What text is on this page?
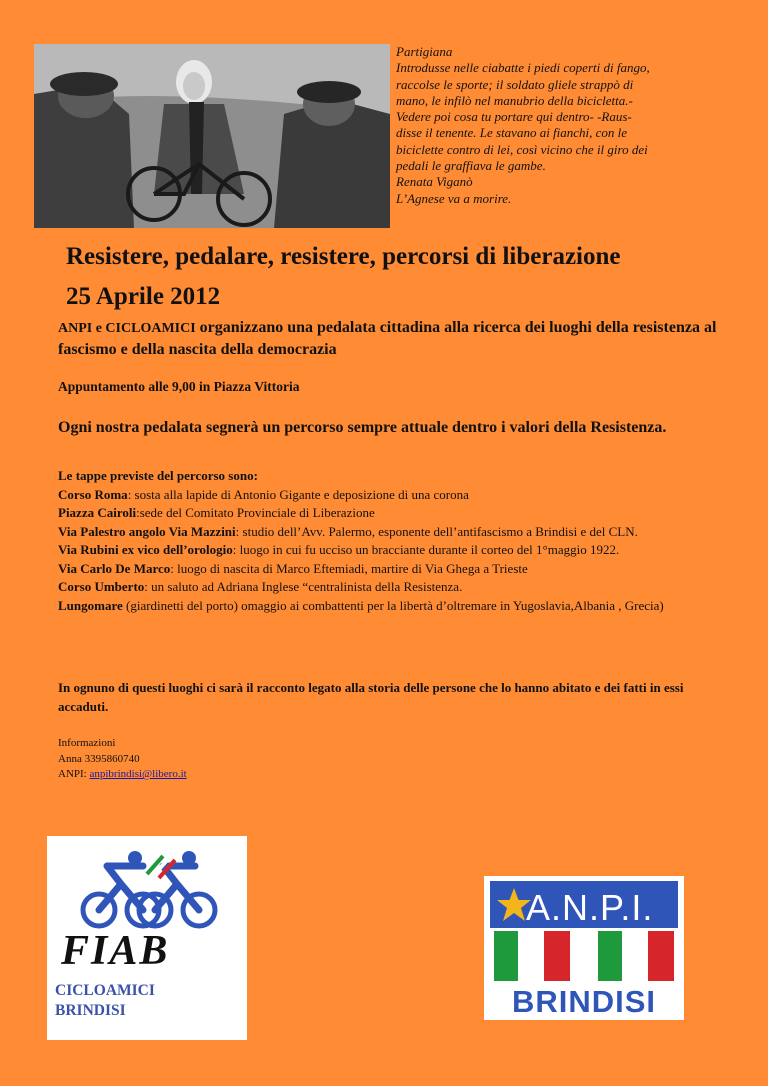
Partigiana
Introdusse nelle ciabatte i piedi coperti di fango,
raccolse le sporte; il soldato gliele strappò di
mano, le infilò nel manubrio della bicicletta.-
Vedere poi cosa tu portare qui dentro- -Raus-
disse il tenente. Le stavano ai fianchi, con le
biciclette contro di lei, così vicino che il giro dei
pedali le graffiava le gambe.
Renata Viganò
L’Agnese va a morire.
Resistere, pedalare, resistere, percorsi di liberazione
25 Aprile 2012
ANPI e CICLOAMICI organizzano una pedalata cittadina alla ricerca dei luoghi della resistenza al fascismo e della nascita della democrazia
Appuntamento alle 9,00 in Piazza Vittoria
Ogni nostra pedalata segnerà un percorso sempre attuale dentro i valori della Resistenza.
Le tappe previste del percorso sono:
Corso Roma: sosta alla lapide di Antonio Gigante e deposizione di una corona
Piazza Cairoli:sede del Comitato Provinciale di Liberazione
Via Palestro angolo Via Mazzini: studio dell’Avv. Palermo, esponente dell’antifascismo a Brindisi e del CLN.
Via Rubini ex vico dell’orologio: luogo in cui fu ucciso un bracciante durante il corteo del 1°maggio 1922.
Via Carlo De Marco: luogo di nascita di Marco Eftemiadi, martire di Via Ghega a Trieste
Corso Umberto: un saluto ad Adriana Inglese “centralinista della Resistenza.
Lungomare (giardinetti del porto) omaggio ai combattenti per la libertà d’oltremare in Yugoslavia,Albania , Grecia)
In ognuno di questi luoghi ci sarà il racconto legato alla storia delle persone che lo hanno abitato e dei fatti in essi accaduti.
Informazioni
Anna 3395860740
ANPI: anpibrindisi@libero.it
FIAB
CICLOAMICI
BRINDISI
A.N.P.I.
BRINDISI
